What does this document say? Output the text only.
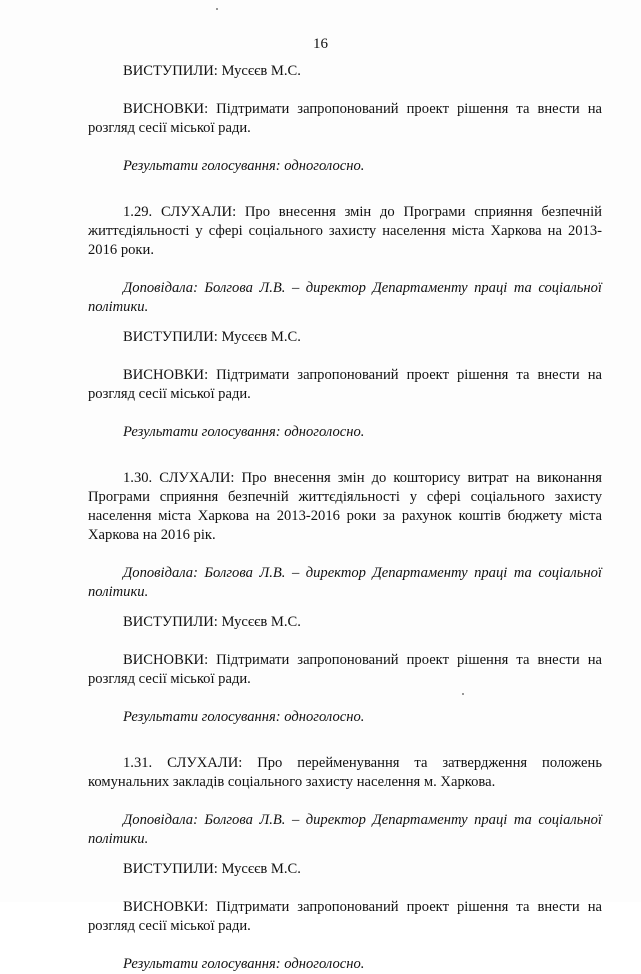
16

ВИСТУПИЛИ: Мусєєв М.С.

ВИСНОВКИ: Підтримати запропонований проект рішення та внести на розгляд сесії міської ради.

Результати голосування: одноголосно.

1.29. СЛУХАЛИ: Про внесення змін до Програми сприяння безпечній життєдіяльності у сфері соціального захисту населення міста Харкова на 2013-2016 роки.

Доповідала: Болгова Л.В. – директор Департаменту праці та соціальної політики.

ВИСТУПИЛИ: Мусєєв М.С.

ВИСНОВКИ: Підтримати запропонований проект рішення та внести на розгляд сесії міської ради.

Результати голосування: одноголосно.

1.30. СЛУХАЛИ: Про внесення змін до кошторису витрат на виконання Програми сприяння безпечній життєдіяльності у сфері соціального захисту населення міста Харкова на 2013-2016 роки за рахунок коштів бюджету міста Харкова на 2016 рік.

Доповідала: Болгова Л.В. – директор Департаменту праці та соціальної політики.

ВИСТУПИЛИ: Мусєєв М.С.

ВИСНОВКИ: Підтримати запропонований проект рішення та внести на розгляд сесії міської ради.

Результати голосування: одноголосно.

1.31. СЛУХАЛИ: Про перейменування та затвердження положень комунальних закладів соціального захисту населення м. Харкова.

Доповідала: Болгова Л.В. – директор Департаменту праці та соціальної політики.

ВИСТУПИЛИ: Мусєєв М.С.

ВИСНОВКИ: Підтримати запропонований проект рішення та внести на розгляд сесії міської ради.

Результати голосування: одноголосно.
